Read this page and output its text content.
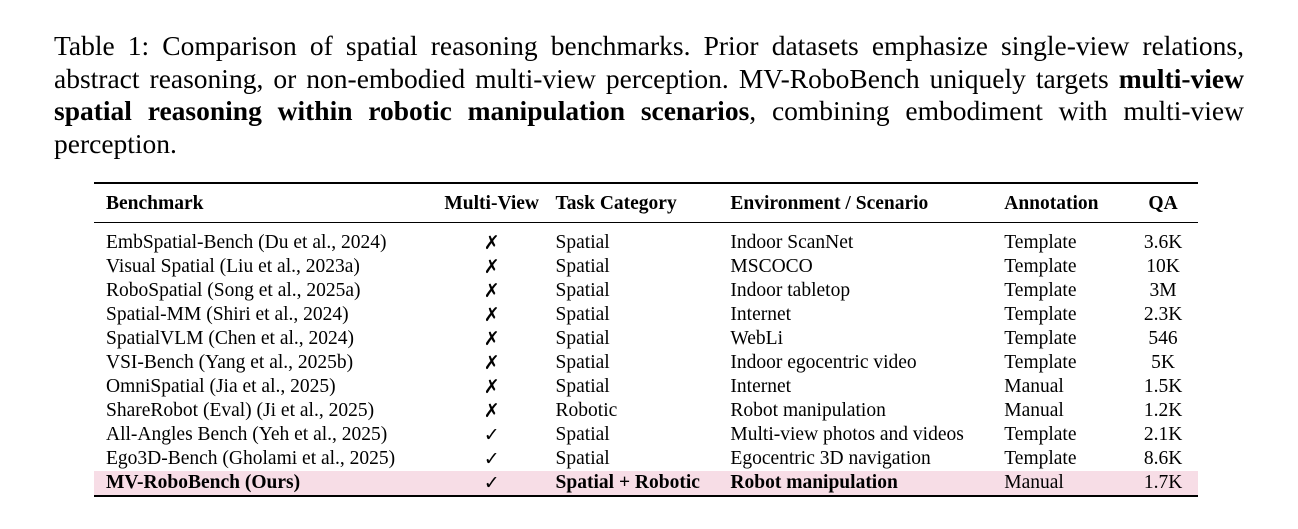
Table 1: Comparison of spatial reasoning benchmarks. Prior datasets emphasize single-view relations, abstract reasoning, or non-embodied multi-view perception. MV-RoboBench uniquely targets multi-view spatial reasoning within robotic manipulation scenarios, combining embodiment with multi-view perception.
Benchmark	Multi-View	Task Category	Environment / Scenario	Annotation	QA
EmbSpatial-Bench (Du et al., 2024)	✗	Spatial	Indoor ScanNet	Template	3.6K
Visual Spatial (Liu et al., 2023a)	✗	Spatial	MSCOCO	Template	10K
RoboSpatial (Song et al., 2025a)	✗	Spatial	Indoor tabletop	Template	3M
Spatial-MM (Shiri et al., 2024)	✗	Spatial	Internet	Template	2.3K
SpatialVLM (Chen et al., 2024)	✗	Spatial	WebLi	Template	546
VSI-Bench (Yang et al., 2025b)	✗	Spatial	Indoor egocentric video	Template	5K
OmniSpatial (Jia et al., 2025)	✗	Spatial	Internet	Manual	1.5K
ShareRobot (Eval) (Ji et al., 2025)	✗	Robotic	Robot manipulation	Manual	1.2K
All-Angles Bench (Yeh et al., 2025)	✓	Spatial	Multi-view photos and videos	Template	2.1K
Ego3D-Bench (Gholami et al., 2025)	✓	Spatial	Egocentric 3D navigation	Template	8.6K
MV-RoboBench (Ours)	✓	Spatial + Robotic	Robot manipulation	Manual	1.7K
